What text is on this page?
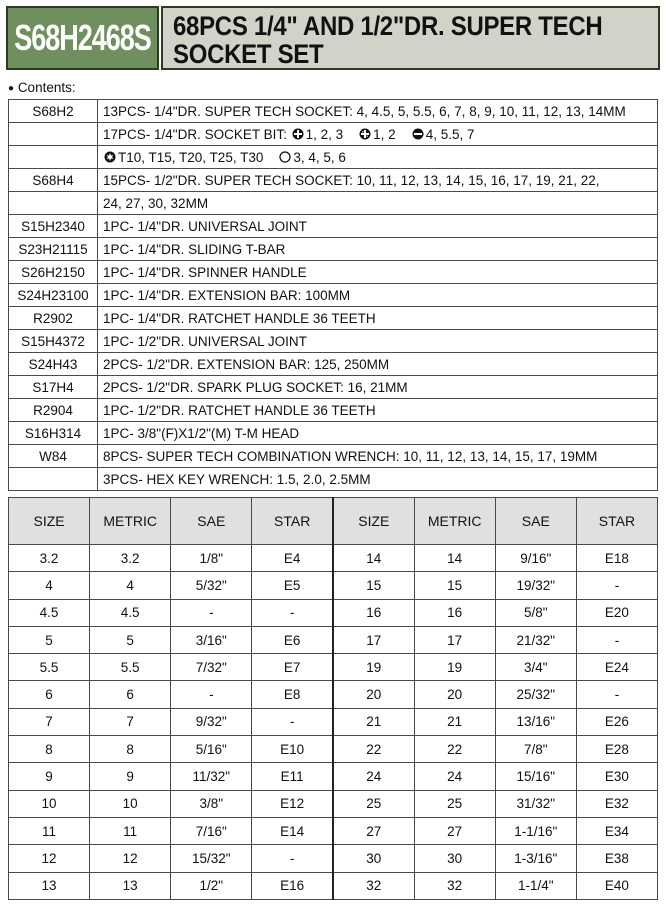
S68H2468S 68PCS 1/4" AND 1/2"DR. SUPER TECH
SOCKET SET
● Contents:
S68H2	13PCS- 1/4"DR. SUPER TECH SOCKET: 4, 4.5, 5, 5.5, 6, 7, 8, 9, 10, 11, 12, 13, 14MM
	17PCS- 1/4"DR. SOCKET BIT: 1, 2, 3 1, 2 4, 5.5, 7
	T10, T15, T20, T25, T30 3, 4, 5, 6
S68H4	15PCS- 1/2"DR. SUPER TECH SOCKET: 10, 11, 12, 13, 14, 15, 16, 17, 19, 21, 22,
	24, 27, 30, 32MM
S15H2340	1PC- 1/4"DR. UNIVERSAL JOINT
S23H21115	1PC- 1/4"DR. SLIDING T-BAR
S26H2150	1PC- 1/4"DR. SPINNER HANDLE
S24H23100	1PC- 1/4"DR. EXTENSION BAR: 100MM
R2902	1PC- 1/4"DR. RATCHET HANDLE 36 TEETH
S15H4372	1PC- 1/2"DR. UNIVERSAL JOINT
S24H43	2PCS- 1/2"DR. EXTENSION BAR: 125, 250MM
S17H4	2PCS- 1/2"DR. SPARK PLUG SOCKET: 16, 21MM
R2904	1PC- 1/2"DR. RATCHET HANDLE 36 TEETH
S16H314	1PC- 3/8"(F)X1/2"(M) T-M HEAD
W84	8PCS- SUPER TECH COMBINATION WRENCH: 10, 11, 12, 13, 14, 15, 17, 19MM
	3PCS- HEX KEY WRENCH: 1.5, 2.0, 2.5MM
SIZE	METRIC	SAE	STAR	SIZE	METRIC	SAE	STAR
3.2	3.2	1/8"	E4	14	14	9/16"	E18
4	4	5/32"	E5	15	15	19/32"	-
4.5	4.5	-	-	16	16	5/8"	E20
5	5	3/16"	E6	17	17	21/32"	-
5.5	5.5	7/32"	E7	19	19	3/4"	E24
6	6	-	E8	20	20	25/32"	-
7	7	9/32"	-	21	21	13/16"	E26
8	8	5/16"	E10	22	22	7/8"	E28
9	9	11/32"	E11	24	24	15/16"	E30
10	10	3/8"	E12	25	25	31/32"	E32
11	11	7/16"	E14	27	27	1-1/16"	E34
12	12	15/32"	-	30	30	1-3/16"	E38
13	13	1/2"	E16	32	32	1-1/4"	E40
